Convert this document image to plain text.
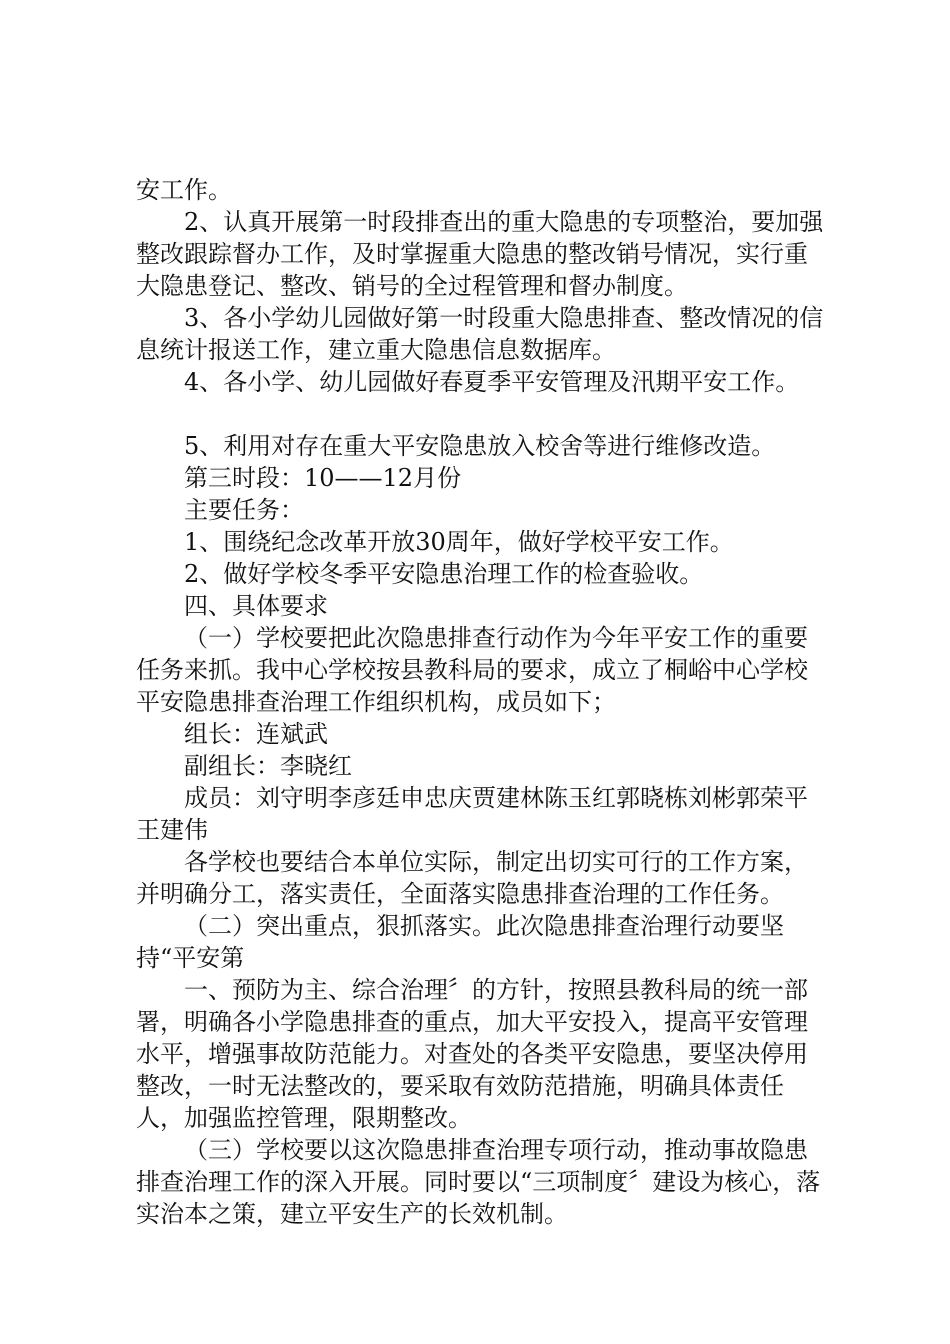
安工作。

2、认真开展第一时段排查出的重大隐患的专项整治，要加强整改跟踪督办工作，及时掌握重大隐患的整改销号情况，实行重大隐患登记、整改、销号的全过程管理和督办制度。

3、各小学幼儿园做好第一时段重大隐患排查、整改情况的信息统计报送工作，建立重大隐患信息数据库。

4、各小学、幼儿园做好春夏季平安管理及汛期平安工作。

5、利用对存在重大平安隐患放入校舍等进行维修改造。

第三时段：10——12月份

主要任务：

1、围绕纪念改革开放30周年，做好学校平安工作。

2、做好学校冬季平安隐患治理工作的检查验收。

四、具体要求

（一）学校要把此次隐患排查行动作为今年平安工作的重要任务来抓。我中心学校按县教科局的要求，成立了桐峪中心学校平安隐患排查治理工作组织机构，成员如下；

组长：连斌武

副组长：李晓红

成员：刘守明李彦廷申忠庆贾建林陈玉红郭晓栋刘彬郭荣平王建伟

各学校也要结合本单位实际，制定出切实可行的工作方案，并明确分工，落实责任，全面落实隐患排查治理的工作任务。

（二）突出重点，狠抓落实。此次隐患排查治理行动要坚持“平安第

一、预防为主、综合治理〞的方针，按照县教科局的统一部署，明确各小学隐患排查的重点，加大平安投入，提高平安管理水平，增强事故防范能力。对查处的各类平安隐患，要坚决停用整改，一时无法整改的，要采取有效防范措施，明确具体责任人，加强监控管理，限期整改。

（三）学校要以这次隐患排查治理专项行动，推动事故隐患排查治理工作的深入开展。同时要以“三项制度〞建设为核心，落实治本之策，建立平安生产的长效机制。
